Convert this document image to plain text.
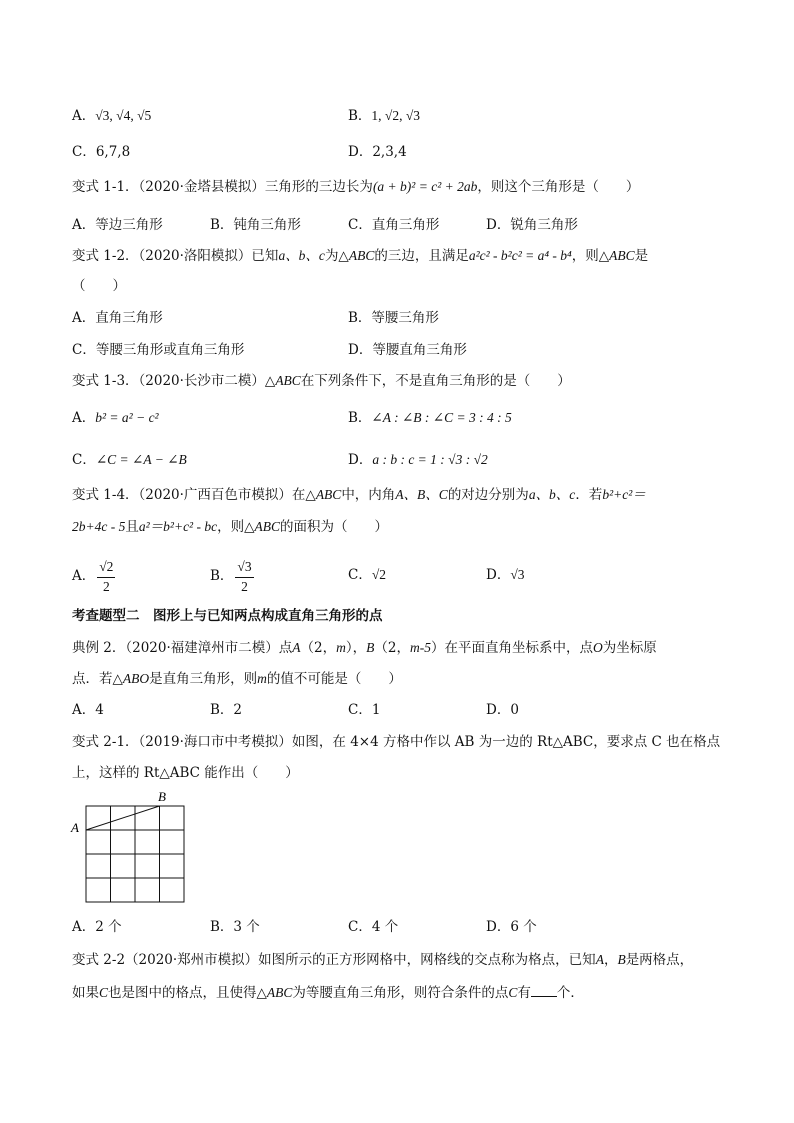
A．√3, √4, √5	B．1, √2, √3
C．6,7,8	D．2,3,4
变式 1-1．（2020·金塔县模拟）三角形的三边长为(a + b)² = c² + 2ab，则这个三角形是（　　）
A．等边三角形	B．钝角三角形	C．直角三角形	D．锐角三角形
变式 1-2．（2020·洛阳模拟）已知a、b、c为△ABC的三边，且满足a²c² - b²c² = a⁴ - b⁴，则△ABC是
（　　）
A．直角三角形	B．等腰三角形
C．等腰三角形或直角三角形	D．等腰直角三角形
变式 1-3．（2020·长沙市二模）△ABC在下列条件下，不是直角三角形的是（　　）
A．b² = a² − c²	B．∠A : ∠B : ∠C = 3 : 4 : 5
C．∠C = ∠A − ∠B	D．a : b : c = 1 : √3 : √2
变式 1-4．（2020·广西百色市模拟）在△ABC中，内角A、B、C的对边分别为a、b、c．若b²+c²＝
2b+4c - 5且a²＝b²+c² - bc，则△ABC的面积为（　　）
A． $\frac{√2}{2}$	B． $\frac{√3}{2}$	C．√2	D．√3
考查题型二　图形上与已知两点构成直角三角形的点
典例 2．（2020·福建漳州市二模）点A（2，m），B（2，m-5）在平面直角坐标系中，点O为坐标原
点．若△ABO是直角三角形，则m的值不可能是（　　）
A．4	B．2	C．1	D．0
变式 2-1．（2019·海口市中考模拟）如图，在 4×4 方格中作以 AB 为一边的 Rt△ABC，要求点 C 也在格点
上，这样的 Rt△ABC 能作出（　　）
A
B
A．2 个	B．3 个	C．4 个	D．6 个
变式 2-2（2020·郑州市模拟）如图所示的正方形网格中，网格线的交点称为格点，已知A，B是两格点，
如果C也是图中的格点，且使得△ABC为等腰直角三角形，则符合条件的点C有 个．
